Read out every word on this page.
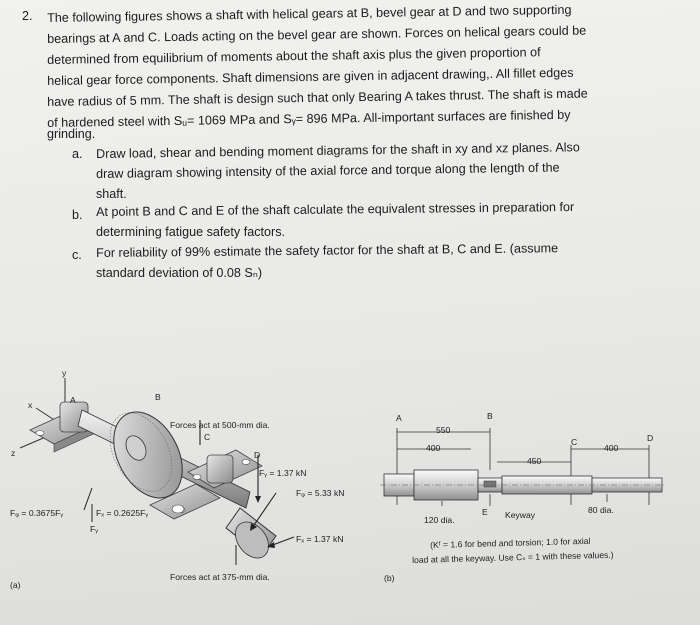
2. The following figures shows a shaft with helical gears at B, bevel gear at D and two supporting
bearings at A and C. Loads acting on the bevel gear are shown. Forces on helical gears could be
determined from equilibrium of moments about the shaft axis plus the given proportion of
helical gear force components. Shaft dimensions are given in adjacent drawing,. All fillet edges
have radius of 5 mm. The shaft is design such that only Bearing A takes thrust. The shaft is made
of hardened steel with Sᵤ= 1069 MPa and Sᵧ= 896 MPa. All-important surfaces are finished by
grinding.
a. Draw load, shear and bending moment diagrams for the shaft in xy and xz planes. Also
draw diagram showing intensity of the axial force and torque along the length of the
shaft.
b. At point B and C and E of the shaft calculate the equivalent stresses in preparation for
determining fatigue safety factors.
c. For reliability of 99% estimate the safety factor for the shaft at B, C and E. (assume
standard deviation of 0.08 Sₙ)
y
x
z
A	B
C
D
Forces act at 500-mm dia.
Fᵧ = 1.37 kN
Fᵩ = 5.33 kN
Fₓ = 1.37 kN
Fᵩ = 0.3675Fᵧ	Fₓ = 0.2625Fᵧ
Fᵧ
Forces act at 375-mm dia.
(a)
A	B
C	D
E
550
400
450
400
120 dia.	Keyway	80 dia.
(Kᶠ = 1.6 for bend and torsion; 1.0 for axial
load at all the keyway. Use Cₛ = 1 with these values.)
(b)
